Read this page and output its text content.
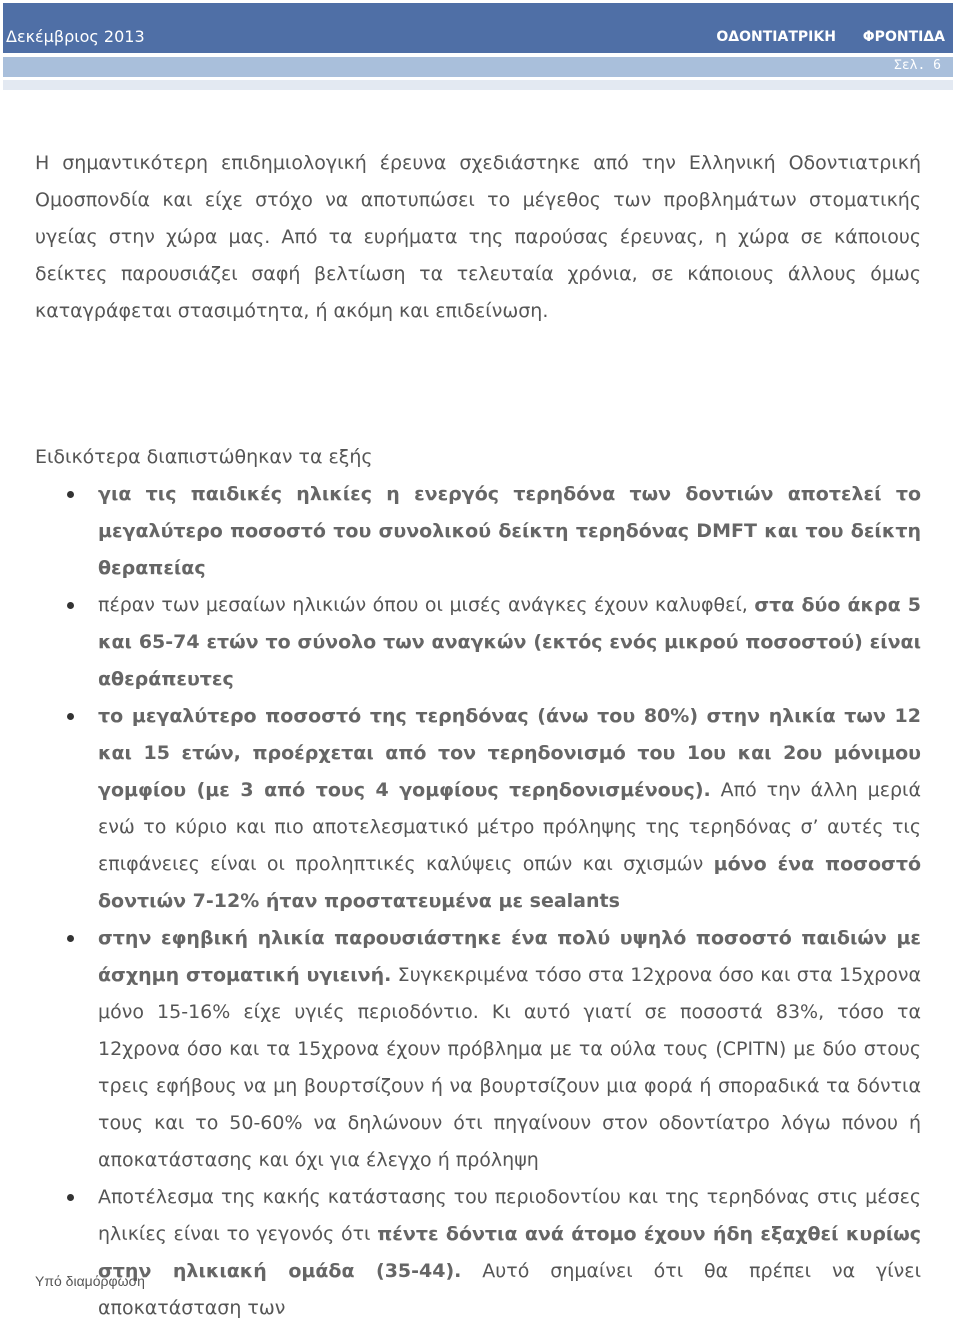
Δεκέμβριος 2013	ΟΔΟΝΤΙΑΤΡΙΚΗ ΦΡΟΝΤΙΔΑ
Σελ. 6

Η σημαντικότερη επιδημιολογική έρευνα σχεδιάστηκε από την Ελληνική Οδοντιατρική Ομοσπονδία και είχε στόχο να αποτυπώσει το μέγεθος των προβλημάτων στοματικής υγείας στην χώρα μας. Από τα ευρήματα της παρούσας έρευνας, η χώρα σε κάποιους δείκτες παρουσιάζει σαφή βελτίωση τα τελευταία χρόνια, σε κάποιους άλλους όμως καταγράφεται στασιμότητα, ή ακόμη και επιδείνωση.

Ειδικότερα διαπιστώθηκαν τα εξής

για τις παιδικές ηλικίες η ενεργός τερηδόνα των δοντιών αποτελεί το μεγαλύτερο ποσοστό του συνολικού δείκτη τερηδόνας DMFT και του δείκτη θεραπείας
πέραν των μεσαίων ηλικιών όπου οι μισές ανάγκες έχουν καλυφθεί, στα δύο άκρα 5 και 65-74 ετών το σύνολο των αναγκών (εκτός ενός μικρού ποσοστού) είναι αθεράπευτες
το μεγαλύτερο ποσοστό της τερηδόνας (άνω του 80%) στην ηλικία των 12 και 15 ετών, προέρχεται από τον τερηδονισμό του 1ου και 2ου μόνιμου γομφίου (με 3 από τους 4 γομφίους τερηδονισμένους). Από την άλλη μεριά ενώ το κύριο και πιο αποτελεσματικό μέτρο πρόληψης της τερηδόνας σ’ αυτές τις επιφάνειες είναι οι προληπτικές καλύψεις οπών και σχισμών μόνο ένα ποσοστό δοντιών 7-12% ήταν προστατευμένα με sealants
στην εφηβική ηλικία παρουσιάστηκε ένα πολύ υψηλό ποσοστό παιδιών με άσχημη στοματική υγιεινή. Συγκεκριμένα τόσο στα 12χρονα όσο και στα 15χρονα μόνο 15-16% είχε υγιές περιοδόντιο. Κι αυτό γιατί σε ποσοστά 83%, τόσο τα 12χρονα όσο και τα 15χρονα έχουν πρόβλημα με τα ούλα τους (CPITN) με δύο στους τρεις εφήβους να μη βουρτσίζουν ή να βουρτσίζουν μια φορά ή σποραδικά τα δόντια τους και το 50-60% να δηλώνουν ότι πηγαίνουν στον οδοντίατρο λόγω πόνου ή αποκατάστασης και όχι για έλεγχο ή πρόληψη
Αποτέλεσμα της κακής κατάστασης του περιοδοντίου και της τερηδόνας στις μέσες ηλικίες είναι το γεγονός ότι πέντε δόντια ανά άτομο έχουν ήδη εξαχθεί κυρίως στην ηλικιακή ομάδα (35-44). Αυτό σημαίνει ότι θα πρέπει να γίνει αποκατάσταση των
Υπό διαμόρφωση
